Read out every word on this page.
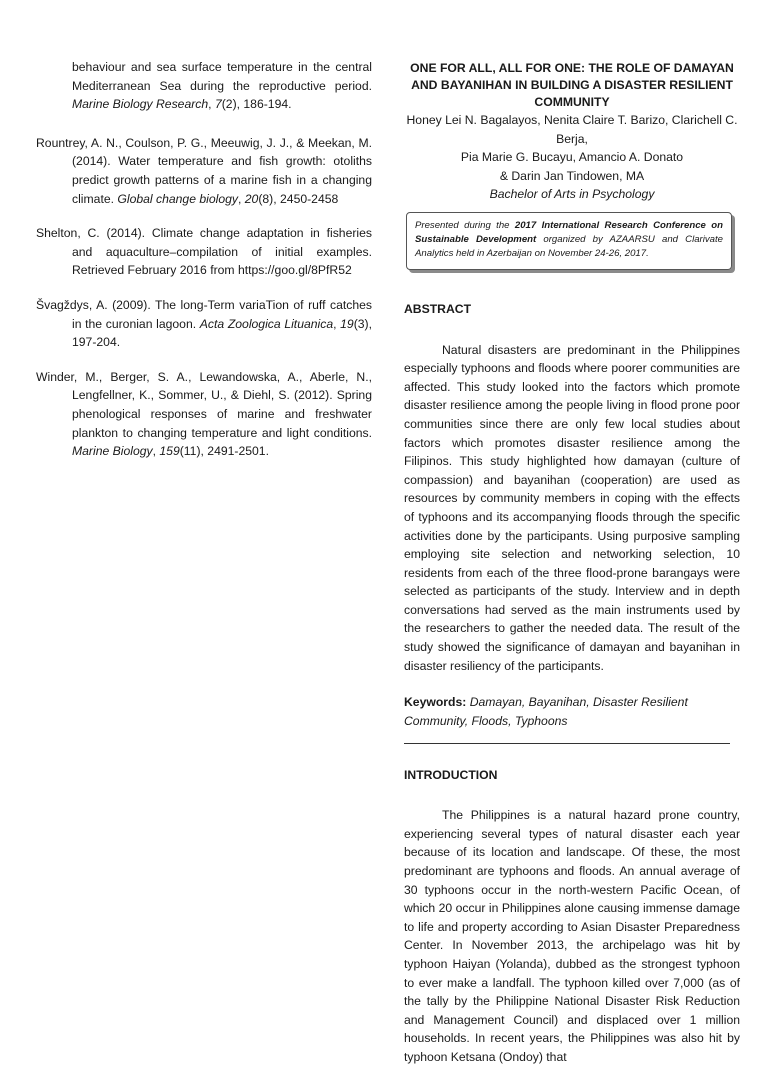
behaviour and sea surface temperature in the central Mediterranean Sea during the reproductive period. Marine Biology Research, 7(2), 186-194.

Rountrey, A. N., Coulson, P. G., Meeuwig, J. J., & Meekan, M. (2014). Water temperature and fish growth: otoliths predict growth patterns of a marine fish in a changing climate. Global change biology, 20(8), 2450-2458

Shelton, C. (2014). Climate change adaptation in fisheries and aquaculture–compilation of initial examples. Retrieved February 2016 from https://goo.gl/8PfR52

Švagždys, A. (2009). The long-Term variaTion of ruff catches in the curonian lagoon. Acta Zoologica Lituanica, 19(3), 197-204.

Winder, M., Berger, S. A., Lewandowska, A., Aberle, N., Lengfellner, K., Sommer, U., & Diehl, S. (2012). Spring phenological responses of marine and freshwater plankton to changing temperature and light conditions. Marine Biology, 159(11), 2491-2501.

ONE FOR ALL, ALL FOR ONE: THE ROLE OF DAMAYAN AND BAYANIHAN IN BUILDING A DISASTER RESILIENT COMMUNITY

Honey Lei N. Bagalayos, Nenita Claire T. Barizo, Clarichell C. Berja,
Pia Marie G. Bucayu, Amancio A. Donato
& Darin Jan Tindowen, MA
Bachelor of Arts in Psychology
Presented during the 2017 International Research Conference on Sustainable Development organized by AZAARSU and Clarivate Analytics held in Azerbaijan on November 24-26, 2017.

ABSTRACT

Natural disasters are predominant in the Philippines especially typhoons and floods where poorer communities are affected. This study looked into the factors which promote disaster resilience among the people living in flood prone poor communities since there are only few local studies about factors which promotes disaster resilience among the Filipinos. This study highlighted how damayan (culture of compassion) and bayanihan (cooperation) are used as resources by community members in coping with the effects of typhoons and its accompanying floods through the specific activities done by the participants. Using purposive sampling employing site selection and networking selection, 10 residents from each of the three flood-prone barangays were selected as participants of the study. Interview and in depth conversations had served as the main instruments used by the researchers to gather the needed data. The result of the study showed the significance of damayan and bayanihan in disaster resiliency of the participants.

Keywords: Damayan, Bayanihan, Disaster Resilient Community, Floods, Typhoons

INTRODUCTION

The Philippines is a natural hazard prone country, experiencing several types of natural disaster each year because of its location and landscape. Of these, the most predominant are typhoons and floods. An annual average of 30 typhoons occur in the north-western Pacific Ocean, of which 20 occur in Philippines alone causing immense damage to life and property according to Asian Disaster Preparedness Center. In November 2013, the archipelago was hit by typhoon Haiyan (Yolanda), dubbed as the strongest typhoon to ever make a landfall. The typhoon killed over 7,000 (as of the tally by the Philippine National Disaster Risk Reduction and Management Council) and displaced over 1 million households. In recent years, the Philippines was also hit by typhoon Ketsana (Ondoy) that
